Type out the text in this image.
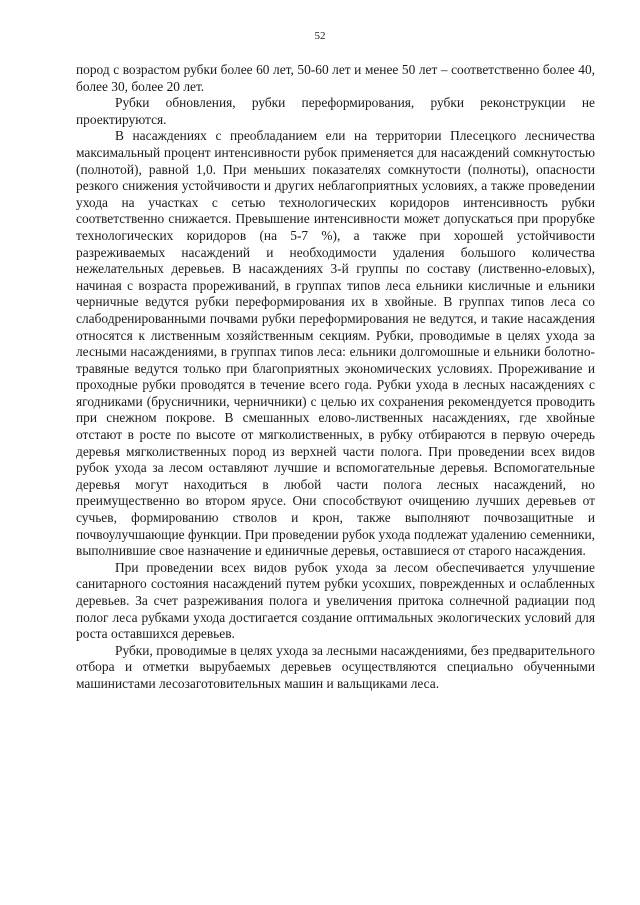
52

пород с возрастом рубки более 60 лет, 50-60 лет и менее 50 лет – соответственно более 40, более 30, более 20 лет.

Рубки обновления, рубки переформирования, рубки реконструкции не проектируются.

В насаждениях с преобладанием ели на территории Плесецкого лесничества максимальный процент интенсивности рубок применяется для насаждений сомкнутостью (полнотой), равной 1,0. При меньших показателях сомкнутости (полноты), опасности резкого снижения устойчивости и других неблагоприятных условиях, а также проведении ухода на участках с сетью технологических коридоров интенсивность рубки соответственно снижается. Превышение интенсивности может допускаться при прорубке технологических коридоров (на 5-7 %), а также при хорошей устойчивости разреживаемых насаждений и необходимости удаления большого количества нежелательных деревьев. В насаждениях 3-й группы по составу (лиственно-еловых), начиная с возраста прореживаний, в группах типов леса ельники кисличные и ельники черничные ведутся рубки переформирования их в хвойные. В группах типов леса со слабодренированными почвами рубки переформирования не ведутся, и такие насаждения относятся к лиственным хозяйственным секциям. Рубки, проводимые в целях ухода за лесными насаждениями, в группах типов леса: ельники долгомошные и ельники болотно-травяные ведутся только при благоприятных экономических условиях. Прореживание и проходные рубки проводятся в течение всего года. Рубки ухода в лесных насаждениях с ягодниками (брусничники, черничники) с целью их сохранения рекомендуется проводить при снежном покрове. В смешанных елово-лиственных насаждениях, где хвойные отстают в росте по высоте от мягколиственных, в рубку отбираются в первую очередь деревья мягколиственных пород из верхней части полога. При проведении всех видов рубок ухода за лесом оставляют лучшие и вспомогательные деревья. Вспомогательные деревья могут находиться в любой части полога лесных насаждений, но преимущественно во втором ярусе. Они способствуют очищению лучших деревьев от сучьев, формированию стволов и крон, также выполняют почвозащитные и почвоулучшающие функции. При проведении рубок ухода подлежат удалению семенники, выполнившие свое назначение и единичные деревья, оставшиеся от старого насаждения.

При проведении всех видов рубок ухода за лесом обеспечивается улучшение санитарного состояния насаждений путем рубки усохших, поврежденных и ослабленных деревьев. За счет разреживания полога и увеличения притока солнечной радиации под полог леса рубками ухода достигается создание оптимальных экологических условий для роста оставшихся деревьев.

Рубки, проводимые в целях ухода за лесными насаждениями, без предварительного отбора и отметки вырубаемых деревьев осуществляются специально обученными машинистами лесозаготовительных машин и вальщиками леса.
